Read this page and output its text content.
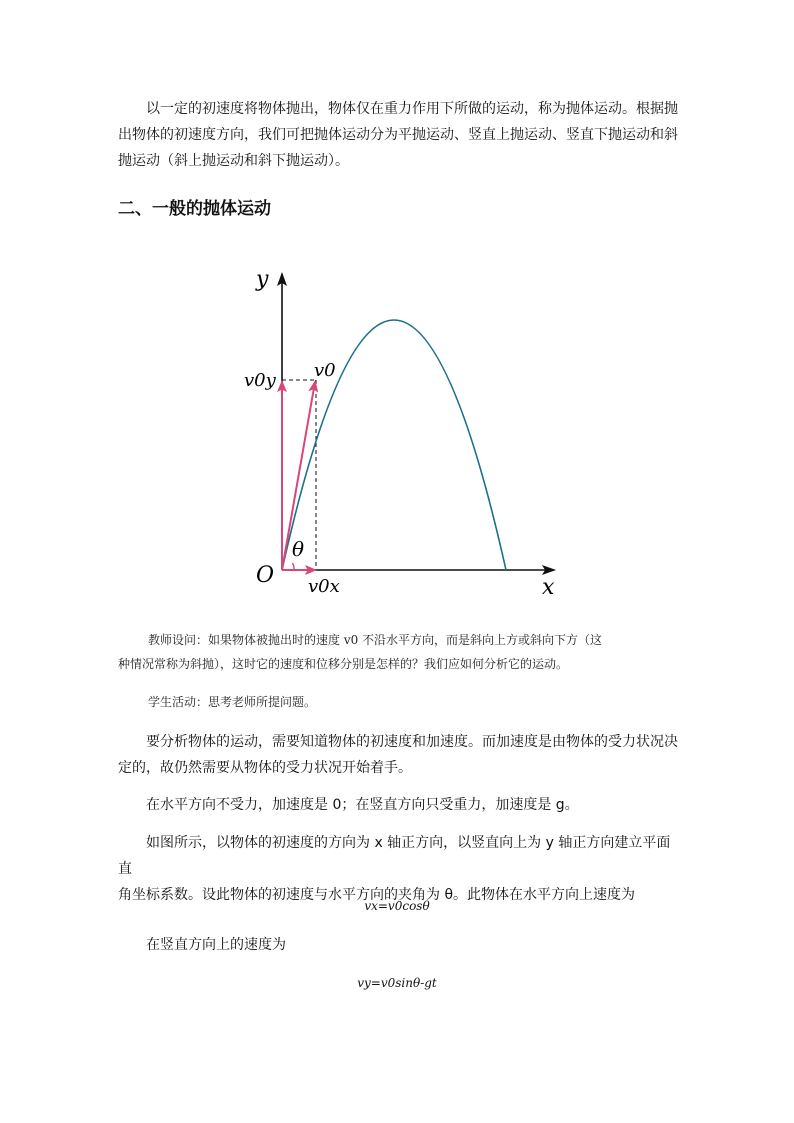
以一定的初速度将物体抛出，物体仅在重力作用下所做的运动，称为抛体运动。根据抛
出物体的初速度方向，我们可把抛体运动分为平抛运动、竖直上抛运动、竖直下抛运动和斜
抛运动（斜上抛运动和斜下抛运动）。
二、一般的抛体运动
y
x
O
v0y v0
v0x
θ
教师设问：如果物体被抛出时的速度 v0 不沿水平方向，而是斜向上方或斜向下方（这
种情况常称为斜抛），这时它的速度和位移分别是怎样的？我们应如何分析它的运动。

学生活动：思考老师所提问题。

要分析物体的运动，需要知道物体的初速度和加速度。而加速度是由物体的受力状况决
定的，故仍然需要从物体的受力状况开始着手。

在水平方向不受力，加速度是 0；在竖直方向只受重力，加速度是 g。

如图所示，以物体的初速度的方向为 x 轴正方向，以竖直向上为 y 轴正方向建立平面直
角坐标系数。设此物体的初速度与水平方向的夹角为 θ。此物体在水平方向上速度为

vx=v0cosθ

在竖直方向上的速度为

vy=v0sinθ-gt
